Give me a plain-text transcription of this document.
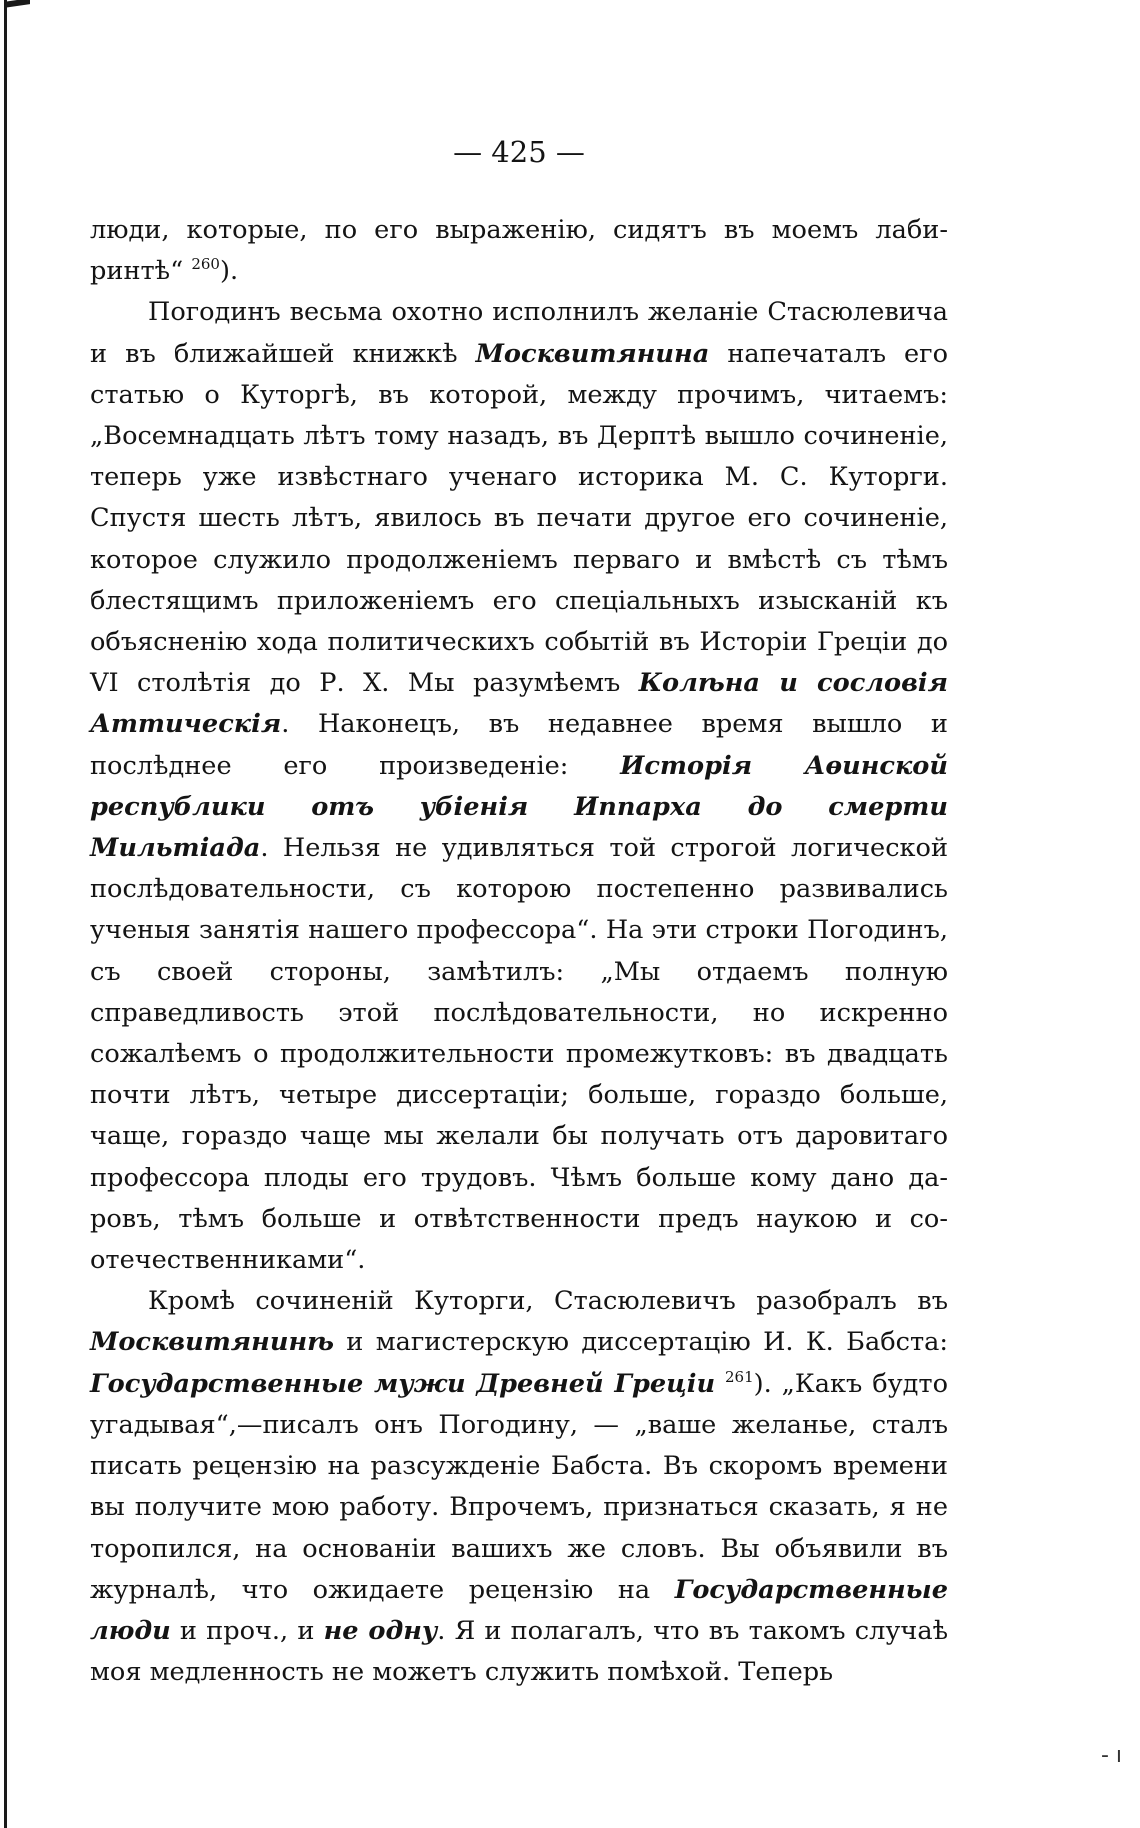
— 425 —

люди, которые, по его выраженію, сидятъ въ моемъ лабиринтѣ“ $^{260}$).

Погодинъ весьма охотно исполнилъ желаніе Стасюлевича и въ ближайшей книжкѣ Москвитянина напечаталъ его статью о Куторгѣ, въ которой, между прочимъ, читаемъ: „Восемнадцать лѣтъ тому назадъ, въ Дерптѣ вышло сочиненіе, теперь уже извѣстнаго ученаго историка М. С. Куторги. Спустя шесть лѣтъ, явилось въ печати другое его сочиненіе, которое служило продолженіемъ перваго и вмѣстѣ съ тѣмъ блестящимъ приложеніемъ его спеціальныхъ изысканій къ объясненію хода политическихъ событій въ Исторіи Греціи до VI столѣтія до Р. Х. Мы разумѣемъ Колѣна и сословія Аттическія. Наконецъ, въ недавнее время вышло и послѣднее его произведеніе: Исторія Аѳинской республики отъ убіенія Иппарха до смерти Мильтіада. Нельзя не удивляться той строгой логической послѣдовательности, съ которою постепенно развивались ученыя занятія нашего профессора“. На эти строки Погодинъ, съ своей стороны, замѣтилъ: „Мы отдаемъ полную справедливость этой послѣдовательности, но искренно сожалѣемъ о продолжительности промежутковъ: въ двадцать почти лѣтъ, четыре диссертаціи; больше, гораздо больше, чаще, гораздо чаще мы желали бы получать отъ даровитаго профессора плоды его трудовъ. Чѣмъ больше кому дано даровъ, тѣмъ больше и отвѣтственности предъ наукою и соотечественниками“.

Кромѣ сочиненій Куторги, Стасюлевичъ разобралъ въ Москвитянинѣ и магистерскую диссертацію И. К. Бабста: Государственные мужи Древней Греціи $^{261}$). „Какъ будто угадывая“,—писалъ онъ Погодину, — „ваше желанье, сталъ писать рецензію на разсужденіе Бабста. Въ скоромъ времени вы получите мою работу. Впрочемъ, признаться сказать, я не торопился, на основаніи вашихъ же словъ. Вы объявили въ журналѣ, что ожидаете рецензію на Государственные люди и проч., и не одну. Я и полагалъ, что въ такомъ случаѣ моя медленность не можетъ служить помѣхой. Теперь

- ı
